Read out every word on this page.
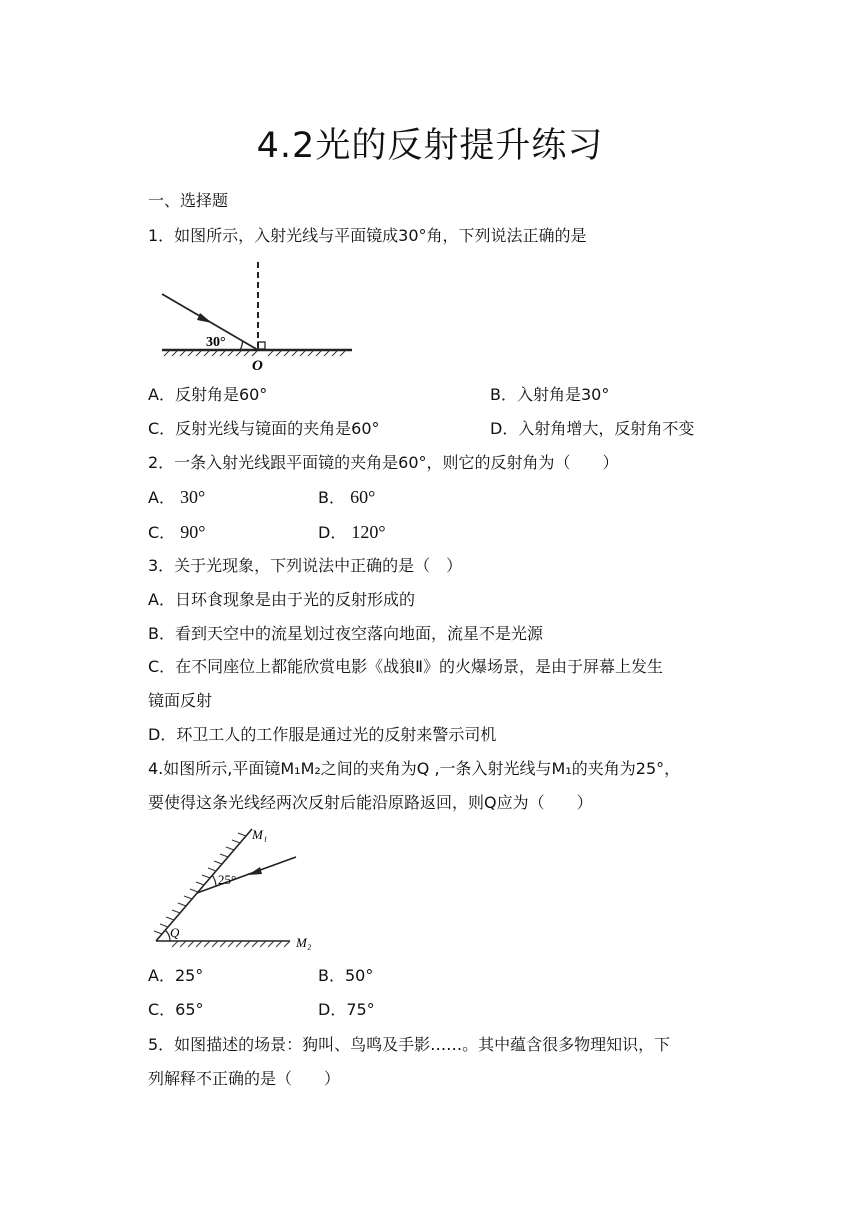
4.2光的反射提升练习
一、选择题
1．如图所示，入射光线与平面镜成30°角，下列说法正确的是
30°
O
A．反射角是60°	B．入射角是30°
C．反射光线与镜面的夹角是60°	D．入射角增大，反射角不变
2．一条入射光线跟平面镜的夹角是60°，则它的反射角为（　　）
A． 30°	B． 60°
C． 90°	D． 120°
3．关于光现象，下列说法中正确的是（　）
A．日环食现象是由于光的反射形成的
B．看到天空中的流星划过夜空落向地面，流星不是光源
C．在不同座位上都能欣赏电影《战狼Ⅱ》的火爆场景，是由于屏幕上发生
镜面反射
D．环卫工人的工作服是通过光的反射来警示司机
4.如图所示,平面镜M₁M₂之间的夹角为Q ,一条入射光线与M₁的夹角为25°，
要使得这条光线经两次反射后能沿原路返回，则Q应为（　　）
25°
Q
M₁
M₂
A．25°	B．50°
C．65°	D．75°
5．如图描述的场景：狗叫、鸟鸣及手影……。其中蕴含很多物理知识，下
列解释不正确的是（　　）
